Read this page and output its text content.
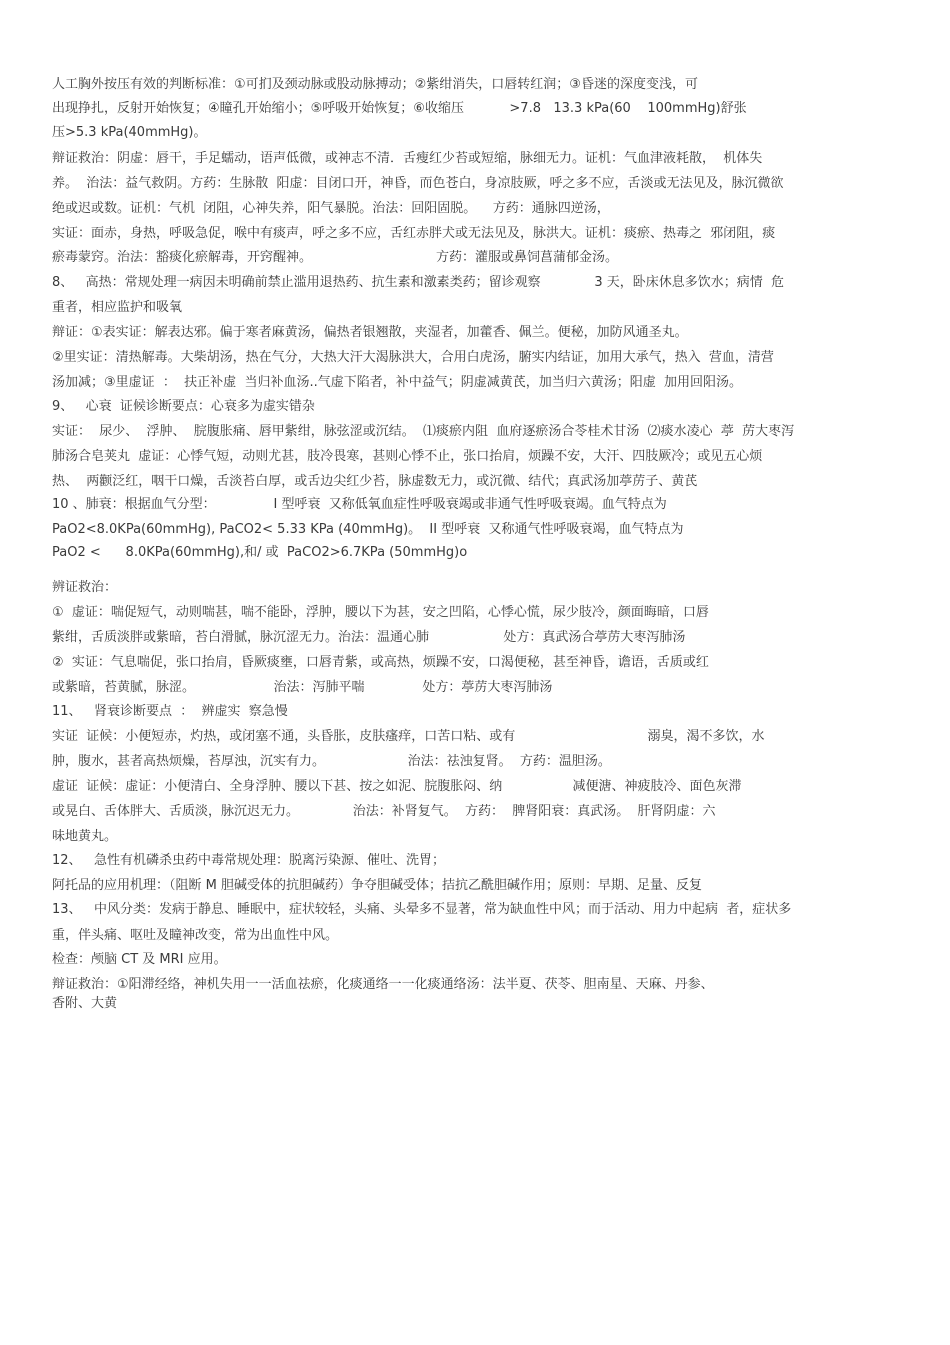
人工胸外按压有效的判断标准：①可扪及颈动脉或股动脉搏动；②紫绀消失，口唇转红润；③昏迷的深度变浅，可
出现挣扎，反射开始恢复；④瞳孔开始缩小；⑤呼吸开始恢复；⑥收缩压           >7.8   13.3 kPa(60    100mmHg)舒张
压>5.3 kPa(40mmHg)。
辩证救治：阴虚：唇干，手足蠕动，语声低微，或神志不清．舌瘦红少苔或短缩，脉细无力。证机：气血津液耗散，  机体失
养。  治法：益气救阴。方药：生脉散  阳虚：目闭口开，神昏，而色苍白，身凉肢厥，呼之多不应，舌淡或无法见及，脉沉微欲
绝或迟或数。证机：气机  闭阻，心神失养，阳气暴脱。治法：回阳固脱。    方药：通脉四逆汤，
实证：面赤，身热，呼吸急促，喉中有痰声，呼之多不应，舌红赤胖犬或无法见及，脉洪大。证机：痰瘀、热毒之  邪闭阻，痰
瘀毒蒙窍。治法：豁痰化瘀解毒，开窍醒神。                              方药：灌服或鼻饲菖蒲郁金汤。
8、   高热：常规处理一病因未明确前禁止滥用退热药、抗生素和激素类药；留诊观察             3 天，卧床休息多饮水；病情  危
重者，相应监护和吸氧
辩证：①表实证：解表达邪。偏于寒者麻黄汤，偏热者银翘散，夹湿者，加藿香、佩兰。便秘，加防风通圣丸。
②里实证：清热解毒。大柴胡汤，热在气分，大热大汗大渴脉洪大，合用白虎汤，腑实内结证，加用大承气，热入  营血，清营
汤加减；③里虚证  ：  扶正补虚  当归补血汤..气虚下陷者，补中益气；阴虚减黄芪，加当归六黄汤；阳虚  加用回阳汤。
9、   心衰  证候诊断要点：心衰多为虚实错杂
实证：  尿少、  浮肿、  脘腹胀痛、唇甲紫绀，脉弦涩或沉结。  ⑴痰瘀内阻  血府逐瘀汤合苓桂术甘汤  ⑵痰水凌心  葶  苈大枣泻
肺汤合皂荚丸  虚证：心悸气短，动则尤甚，肢冷畏寒，甚则心悸不止，张口抬肩，烦躁不安，大汗、四肢厥冷；或见五心烦
热、  两颧泛红，咽干口燥，舌淡苔白厚，或舌边尖红少苔，脉虚数无力，或沉微、结代；真武汤加葶苈子、黄芪
10 、肺衰：根据血气分型：              I 型呼衰  又称低氧血症性呼吸衰竭或非通气性呼吸衰竭。血气特点为
PaO2<8.0KPa(60mmHg), PaCO2< 5.33 KPa (40mmHg)。  II 型呼衰  又称通气性呼吸衰竭，血气特点为
PaO2 <      8.0KPa(60mmHg),和/ 或  PaCO2>6.7KPa (50mmHg)o
辨证救治：
①  虚证：喘促短气，动则喘甚，喘不能卧，浮肿，腰以下为甚，安之凹陷，心悸心慌，尿少肢冷，颜面晦暗，口唇
紫绀，舌质淡胖或紫暗，苔白滑腻，脉沉涩无力。治法：温通心肺                  处方：真武汤合葶苈大枣泻肺汤
②  实证：气息喘促，张口抬肩，昏厥痰壅，口唇青紫，或高热，烦躁不安，口渴便秘，甚至神昏，谵语，舌质或红
或紫暗，苔黄腻，脉涩。                   治法：泻肺平喘              处方：葶苈大枣泻肺汤
11、   肾衰诊断要点  ：  辨虚实  察急慢
实证  证候：小便短赤，灼热，或闭塞不通，头昏胀，皮肤瘙痒，口苦口粘、或有                                溺臭，渴不多饮，水
肿，腹水，甚者高热烦燥，苔厚浊，沉实有力。                    治法：祛浊复肾。  方药：温胆汤。
虚证  证候：虚证：小便清白、全身浮肿、腰以下甚、按之如泥、脘腹胀闷、纳                 减便溏、神疲肢冷、面色灰滞
或晃白、舌体胖大、舌质淡，脉沉迟无力。             治法：补肾复气。  方药：  脾肾阳衰：真武汤。  肝肾阴虚：六
味地黄丸。
12、   急性有机磷杀虫药中毒常规处理：脱离污染源、催吐、洗胃；
阿托品的应用机理：（阻断 M 胆碱受体的抗胆碱药）争夺胆碱受体；拮抗乙酰胆碱作用；原则：早期、足量、反复
13、   中风分类：发病于静息、睡眠中，症状较轻，头痛、头晕多不显著，常为缺血性中风；而于活动、用力中起病  者，症状多
重，伴头痛、呕吐及瞳神改变，常为出血性中风。
检查：颅脑 CT 及 MRI 应用。
辩证救治：①阳滞经络，神机失用一一活血祛瘀，化痰通络一一化痰通络汤：法半夏、茯苓、胆南星、天麻、丹参、
香附、大黄
